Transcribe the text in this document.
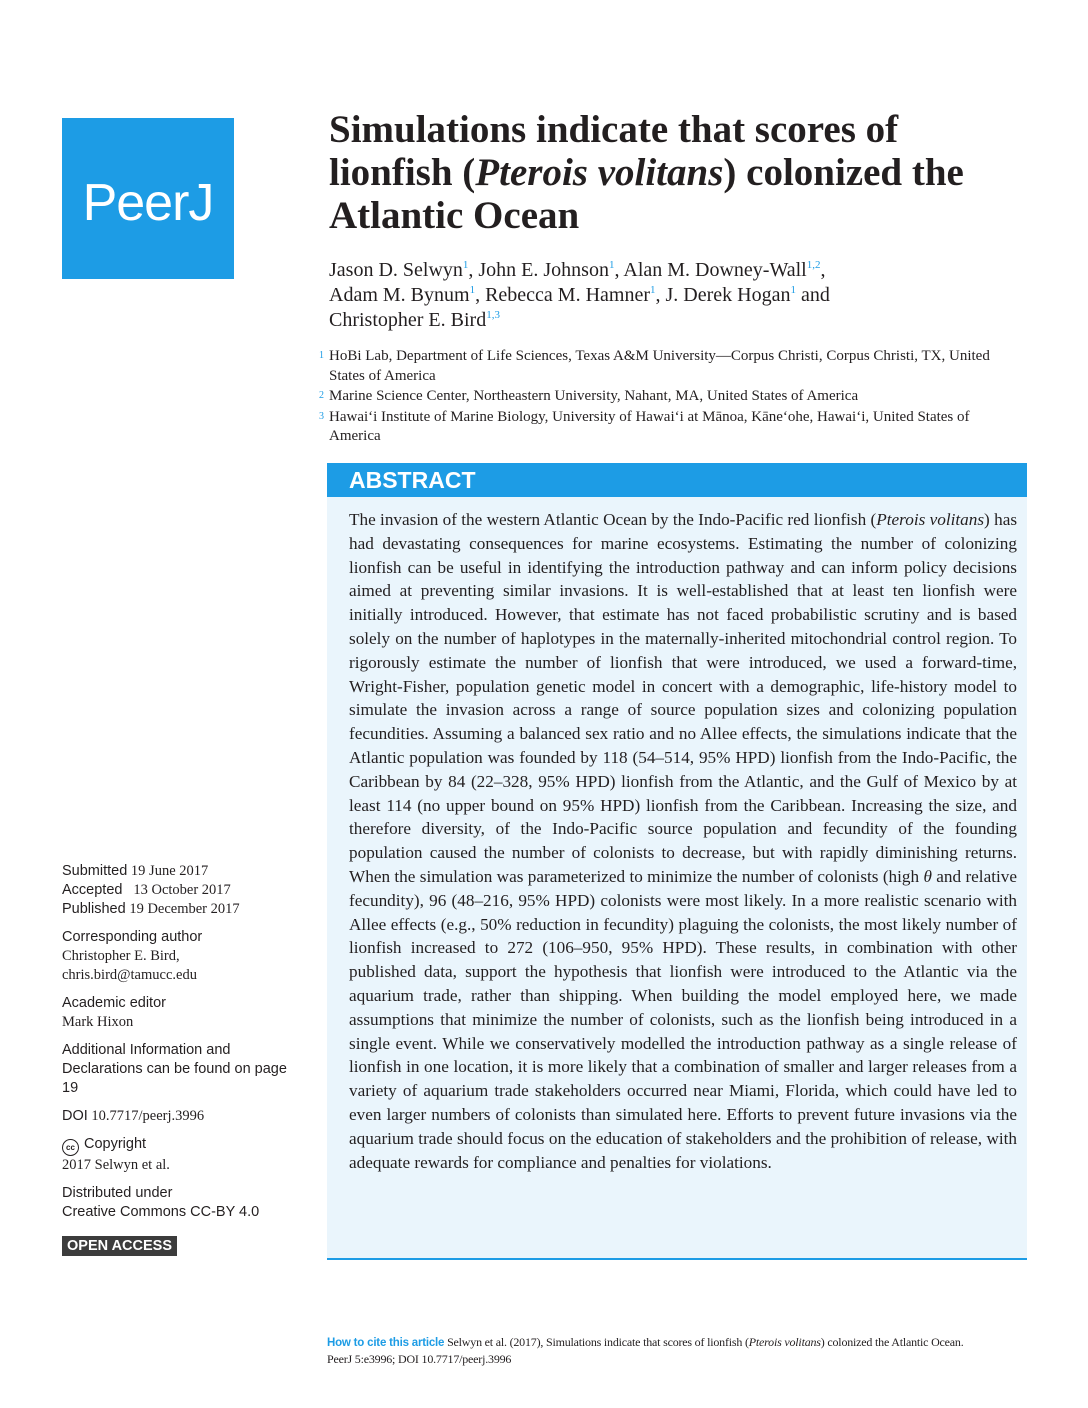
PeerJ
Simulations indicate that scores of lionfish (Pterois volitans) colonized the Atlantic Ocean
Jason D. Selwyn$^1$, John E. Johnson$^1$, Alan M. Downey-Wall$^{1,2}$,
Adam M. Bynum$^1$, Rebecca M. Hamner$^1$, J. Derek Hogan$^1$ and
Christopher E. Bird$^{1,3}$
1 HoBi Lab, Department of Life Sciences, Texas A&M University—Corpus Christi, Corpus Christi, TX, United States of America
2 Marine Science Center, Northeastern University, Nahant, MA, United States of America
3 Hawaiʻi Institute of Marine Biology, University of Hawaiʻi at Mānoa, Kāneʻohe, Hawaiʻi, United States of America
ABSTRACT
The invasion of the western Atlantic Ocean by the Indo-Pacific red lionfish (Pterois volitans) has had devastating consequences for marine ecosystems. Estimating the number of colonizing lionfish can be useful in identifying the introduction pathway and can inform policy decisions aimed at preventing similar invasions. It is well-established that at least ten lionfish were initially introduced. However, that estimate has not faced probabilistic scrutiny and is based solely on the number of haplotypes in the maternally-inherited mitochondrial control region. To rigorously estimate the number of lionfish that were introduced, we used a forward-time, Wright-Fisher, population genetic model in concert with a demographic, life-history model to simulate the invasion across a range of source population sizes and colonizing population fecundities. Assuming a balanced sex ratio and no Allee effects, the simulations indicate that the Atlantic population was founded by 118 (54–514, 95% HPD) lionfish from the Indo-Pacific, the Caribbean by 84 (22–328, 95% HPD) lionfish from the Atlantic, and the Gulf of Mexico by at least 114 (no upper bound on 95% HPD) lionfish from the Caribbean. Increasing the size, and therefore diversity, of the Indo-Pacific source population and fecundity of the founding population caused the number of colonists to decrease, but with rapidly diminishing returns. When the simulation was parameterized to minimize the number of colonists (high θ and relative fecundity), 96 (48–216, 95% HPD) colonists were most likely. In a more realistic scenario with Allee effects (e.g., 50% reduction in fecundity) plaguing the colonists, the most likely number of lionfish increased to 272 (106–950, 95% HPD). These results, in combination with other published data, support the hypothesis that lionfish were introduced to the Atlantic via the aquarium trade, rather than shipping. When building the model employed here, we made assumptions that minimize the number of colonists, such as the lionfish being introduced in a single event. While we conservatively modelled the introduction pathway as a single release of lionfish in one location, it is more likely that a combination of smaller and larger releases from a variety of aquarium trade stakeholders occurred near Miami, Florida, which could have led to even larger numbers of colonists than simulated here. Efforts to prevent future invasions via the aquarium trade should focus on the education of stakeholders and the prohibition of release, with adequate rewards for compliance and penalties for violations.
Submitted 19 June 2017
Accepted 13 October 2017
Published 19 December 2017
Corresponding author
Christopher E. Bird,
chris.bird@tamucc.edu
Academic editor
Mark Hixon
Additional Information and Declarations can be found on page 19
DOI 10.7717/peerj.3996
cc Copyright
2017 Selwyn et al.
Distributed under
Creative Commons CC-BY 4.0
OPEN ACCESS
How to cite this article Selwyn et al. (2017), Simulations indicate that scores of lionfish (Pterois volitans) colonized the Atlantic Ocean.
PeerJ 5:e3996; DOI 10.7717/peerj.3996
